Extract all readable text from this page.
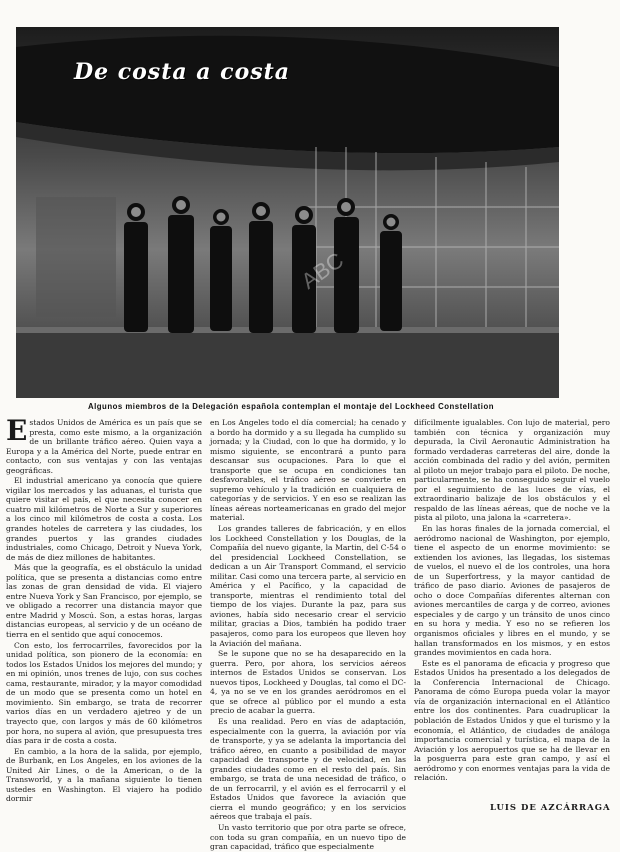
De costa a costa
ABC
Algunos miembros de la Delegación española contemplan el montaje del Lockheed Constellation

Estados Unidos de América es un país que se presta, como este mismo, a la organización de un brillante tráfico aéreo. Quien vaya a Europa y a la América del Norte, puede entrar en contacto, con sus ventajas y con las ventajas geográficas.

El industrial americano ya conocía que quiere vigilar los mercados y las aduanas, el turista que quiere visitar el país, el que necesita conocer en cuatro mil kilómetros de Norte a Sur y superiores a los cinco mil kilómetros de costa a costa. Los grandes hoteles de carretera y las ciudades, los grandes puertos y las grandes ciudades industriales, como Chicago, Detroit y Nueva York, de más de diez millones de habitantes.

Más que la geografía, es el obstáculo la unidad política, que se presenta a distancias como entre las zonas de gran densidad de vida. El viajero entre Nueva York y San Francisco, por ejemplo, se ve obligado a recorrer una distancia mayor que entre Madrid y Moscú. Son, a estas horas, largas distancias europeas, al servicio y de un océano de tierra en el sentido que aquí conocemos.

Con esto, los ferrocarriles, favorecidos por la unidad política, son pionero de la economía: en todos los Estados Unidos los mejores del mundo; y en mi opinión, unos trenes de lujo, con sus coches cama, restaurante, mirador, y la mayor comodidad de un modo que se presenta como un hotel en movimiento. Sin embargo, se trata de recorrer varios días en un verdadero ajetreo y de un trayecto que, con largos y más de 60 kilómetros por hora, no supera al avión, que presupuesta tres días para ir de costa a costa.

En cambio, a la hora de la salida, por ejemplo, de Burbank, en Los Angeles, en los aviones de la United Air Lines, o de la American, o de la Transworld, y a la mañana siguiente lo tienen ustedes en Washington. El viajero ha podido dormir

en Los Angeles todo el día comercial; ha cenado y a bordo ha dormido y a su llegada ha cumplido su jornada; y la Ciudad, con lo que ha dormido, y lo mismo siguiente, se encontrará a punto para descansar sus ocupaciones. Para lo que el transporte que se ocupa en condiciones tan desfavorables, el tráfico aéreo se convierte en supremo vehículo y la tradición en cualquiera de categorías y de servicios. Y en eso se realizan las líneas aéreas norteamericanas en grado del mejor material.

Los grandes talleres de fabricación, y en ellos los Lockheed Constellation y los Douglas, de la Compañía del nuevo gigante, la Martin, del C-54 o del presidencial Lockheed Constellation, se dedican a un Air Transport Command, el servicio militar. Casi como una tercera parte, al servicio en América y el Pacífico, y la capacidad de transporte, mientras el rendimiento total del tiempo de los viajes. Durante la paz, para sus aviones, había sido necesario crear el servicio militar, gracias a Dios, también ha podido traer pasajeros, como para los europeos que lleven hoy la Aviación del mañana.

Se le supone que no se ha desaparecido en la guerra. Pero, por ahora, los servicios aéreos internos de Estados Unidos se conservan. Los nuevos tipos, Lockheed y Douglas, tal como el DC-4, ya no se ve en los grandes aeródromos en el que se ofrece al público por el mundo a esta precio de acabar la guerra.

Es una realidad. Pero en vías de adaptación, especialmente con la guerra, la aviación por vía de transporte, y ya se adelanta la importancia del tráfico aéreo, en cuanto a posibilidad de mayor capacidad de transporte y de velocidad, en las grandes ciudades como en el resto del país. Sin embargo, se trata de una necesidad de tráfico, o de un ferrocarril, y el avión es el ferrocarril y el Estados Unidos que favorece la aviación que cierra el mundo geográfico; y en los servicios aéreos que trabaja el país.

Un vasto territorio que por otra parte se ofrece, con toda su gran compañía, en un nuevo tipo de gran capacidad, tráfico que especialmente

difícilmente igualables. Con lujo de material, pero también con técnica y organización muy depurada, la Civil Aeronautic Administration ha formado verdaderas carreteras del aire, donde la acción combinada del radio y del avión, permiten al piloto un mejor trabajo para el piloto. De noche, particularmente, se ha conseguido seguir el vuelo por el seguimiento de las luces de vías, el extraordinario balizaje de los obstáculos y el respaldo de las líneas aéreas, que de noche ve la pista al piloto, una jalona la «carretera».

En las horas finales de la jornada comercial, el aeródromo nacional de Washington, por ejemplo, tiene el aspecto de un enorme movimiento: se extienden los aviones, las llegadas, los sistemas de vuelos, el nuevo el de los controles, una hora de un Superfortress, y la mayor cantidad de tráfico de paso diario. Aviones de pasajeros de ocho o doce Compañías diferentes alternan con aviones mercantiles de carga y de correo, aviones especiales y de cargo y un tránsito de unos cinco en su hora y media. Y eso no se refieren los organismos oficiales y libres en el mundo, y se hallan transformados en los mismos, y en estos grandes movimientos en cada hora.

Este es el panorama de eficacia y progreso que Estados Unidos ha presentado a los delegados de la Conferencia Internacional de Chicago. Panorama de cómo Europa pueda volar la mayor vía de organización internacional en el Atlántico entre los dos continentes. Para cuadruplicar la población de Estados Unidos y que el turismo y la economía, el Atlántico, de ciudades de análoga importancia comercial y turística, el mapa de la Aviación y los aeropuertos que se ha de llevar en la posguerra para este gran campo, y así el aeródromo y con enormes ventajas para la vida de relación.

LUIS DE AZCÁRRAGA
